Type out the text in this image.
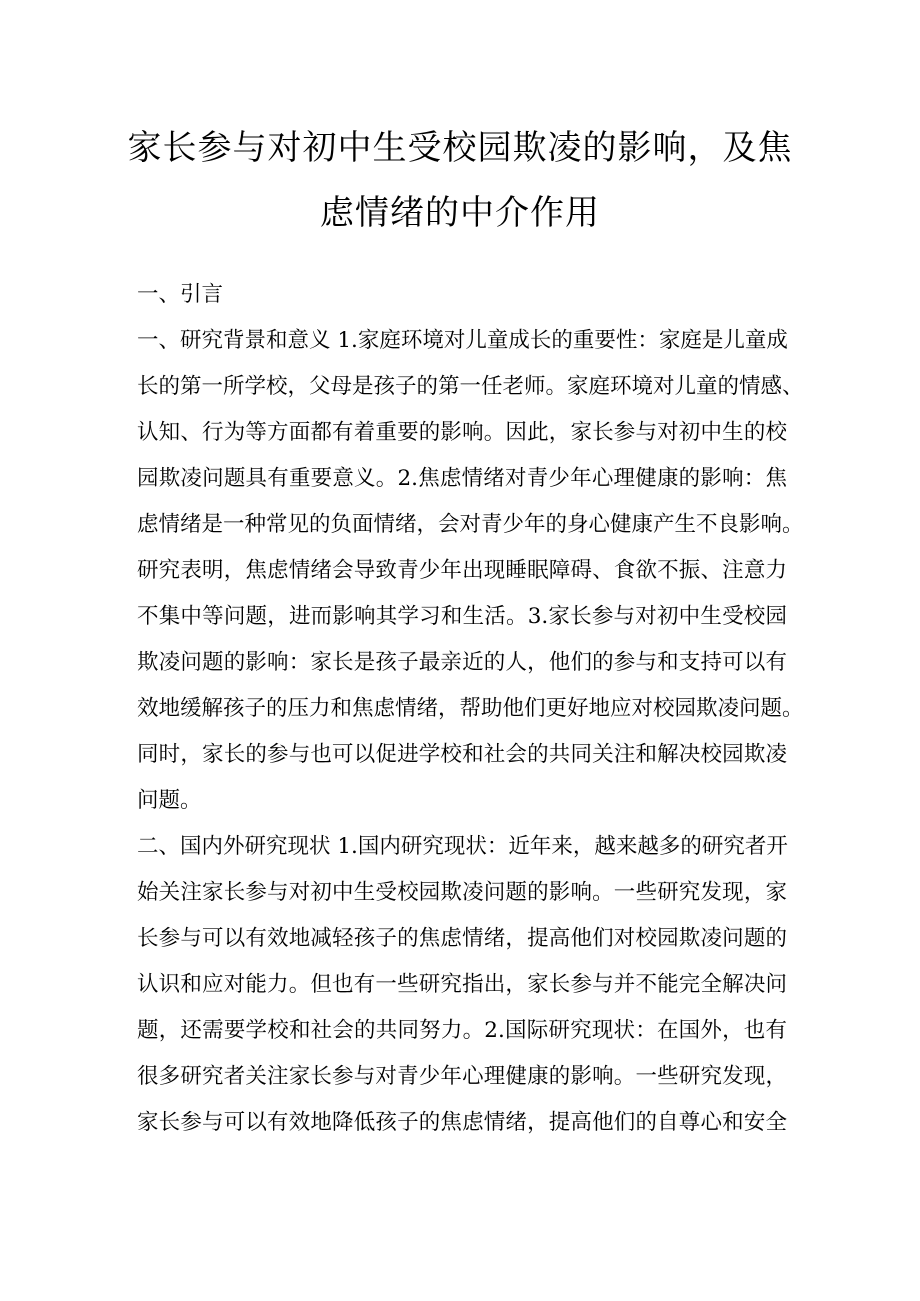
家长参与对初中生受校园欺凌的影响，及焦
虑情绪的中介作用
一、引言
一、研究背景和意义 1.家庭环境对儿童成长的重要性：家庭是儿童成
长的第一所学校，父母是孩子的第一任老师。家庭环境对儿童的情感、
认知、行为等方面都有着重要的影响。因此，家长参与对初中生的校
园欺凌问题具有重要意义。2.焦虑情绪对青少年心理健康的影响：焦
虑情绪是一种常见的负面情绪，会对青少年的身心健康产生不良影响。
研究表明，焦虑情绪会导致青少年出现睡眠障碍、食欲不振、注意力
不集中等问题，进而影响其学习和生活。3.家长参与对初中生受校园
欺凌问题的影响：家长是孩子最亲近的人，他们的参与和支持可以有
效地缓解孩子的压力和焦虑情绪，帮助他们更好地应对校园欺凌问题。
同时，家长的参与也可以促进学校和社会的共同关注和解决校园欺凌
问题。
二、国内外研究现状 1.国内研究现状：近年来，越来越多的研究者开
始关注家长参与对初中生受校园欺凌问题的影响。一些研究发现，家
长参与可以有效地减轻孩子的焦虑情绪，提高他们对校园欺凌问题的
认识和应对能力。但也有一些研究指出，家长参与并不能完全解决问
题，还需要学校和社会的共同努力。2.国际研究现状：在国外，也有
很多研究者关注家长参与对青少年心理健康的影响。一些研究发现，
家长参与可以有效地降低孩子的焦虑情绪，提高他们的自尊心和安全
